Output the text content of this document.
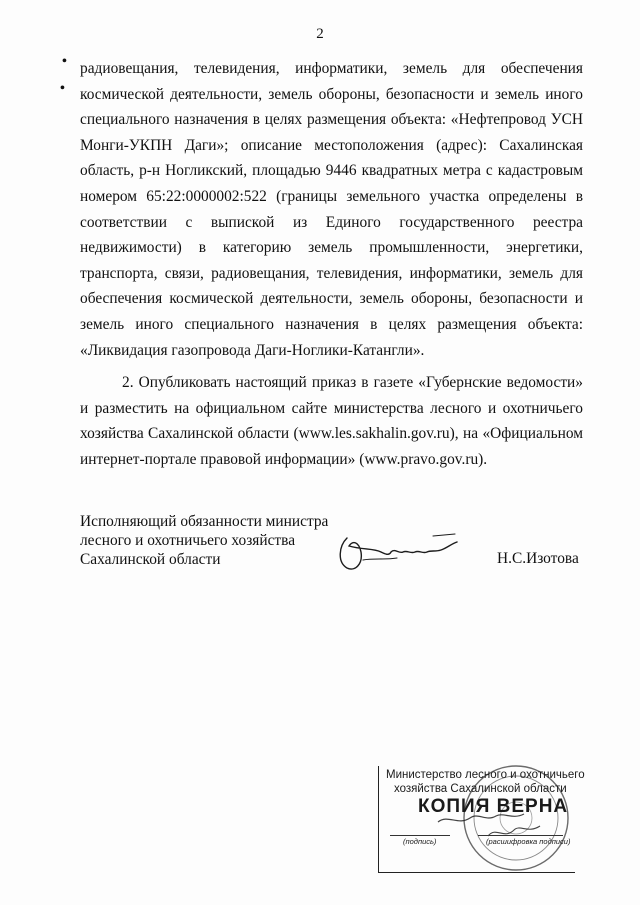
2
•
•
радиовещания, телевидения, информатики, земель для обеспечения
космической деятельности, земель обороны, безопасности и земель иного
специального назначения в целях размещения объекта: «Нефтепровод УСН
Монги-УКПН Даги»; описание местоположения (адрес): Сахалинская
область, р-н Ногликский, площадью 9446 квадратных метра с кадастровым
номером 65:22:0000002:522 (границы земельного участка определены в
соответствии с выпиской из Единого государственного реестра
недвижимости) в категорию земель промышленности, энергетики,
транспорта, связи, радиовещания, телевидения, информатики, земель для
обеспечения космической деятельности, земель обороны, безопасности и
земель иного специального назначения в целях размещения объекта:
«Ликвидация газопровода Даги-Ноглики-Катангли».
2. Опубликовать настоящий приказ в газете «Губернские ведомости»
и разместить на официальном сайте министерства лесного и охотничьего
хозяйства Сахалинской области (www.les.sakhalin.gov.ru), на «Официальном
интернет-портале правовой информации» (www.pravo.gov.ru).
Исполняющий обязанности министра
лесного и охотничьего хозяйства
Сахалинской области	Н.С.Изотова
Министерство лесного и охотничьего
хозяйства Сахалинской области
КОПИЯ ВЕРНА
(подпись)	(расшифровка подписи)
